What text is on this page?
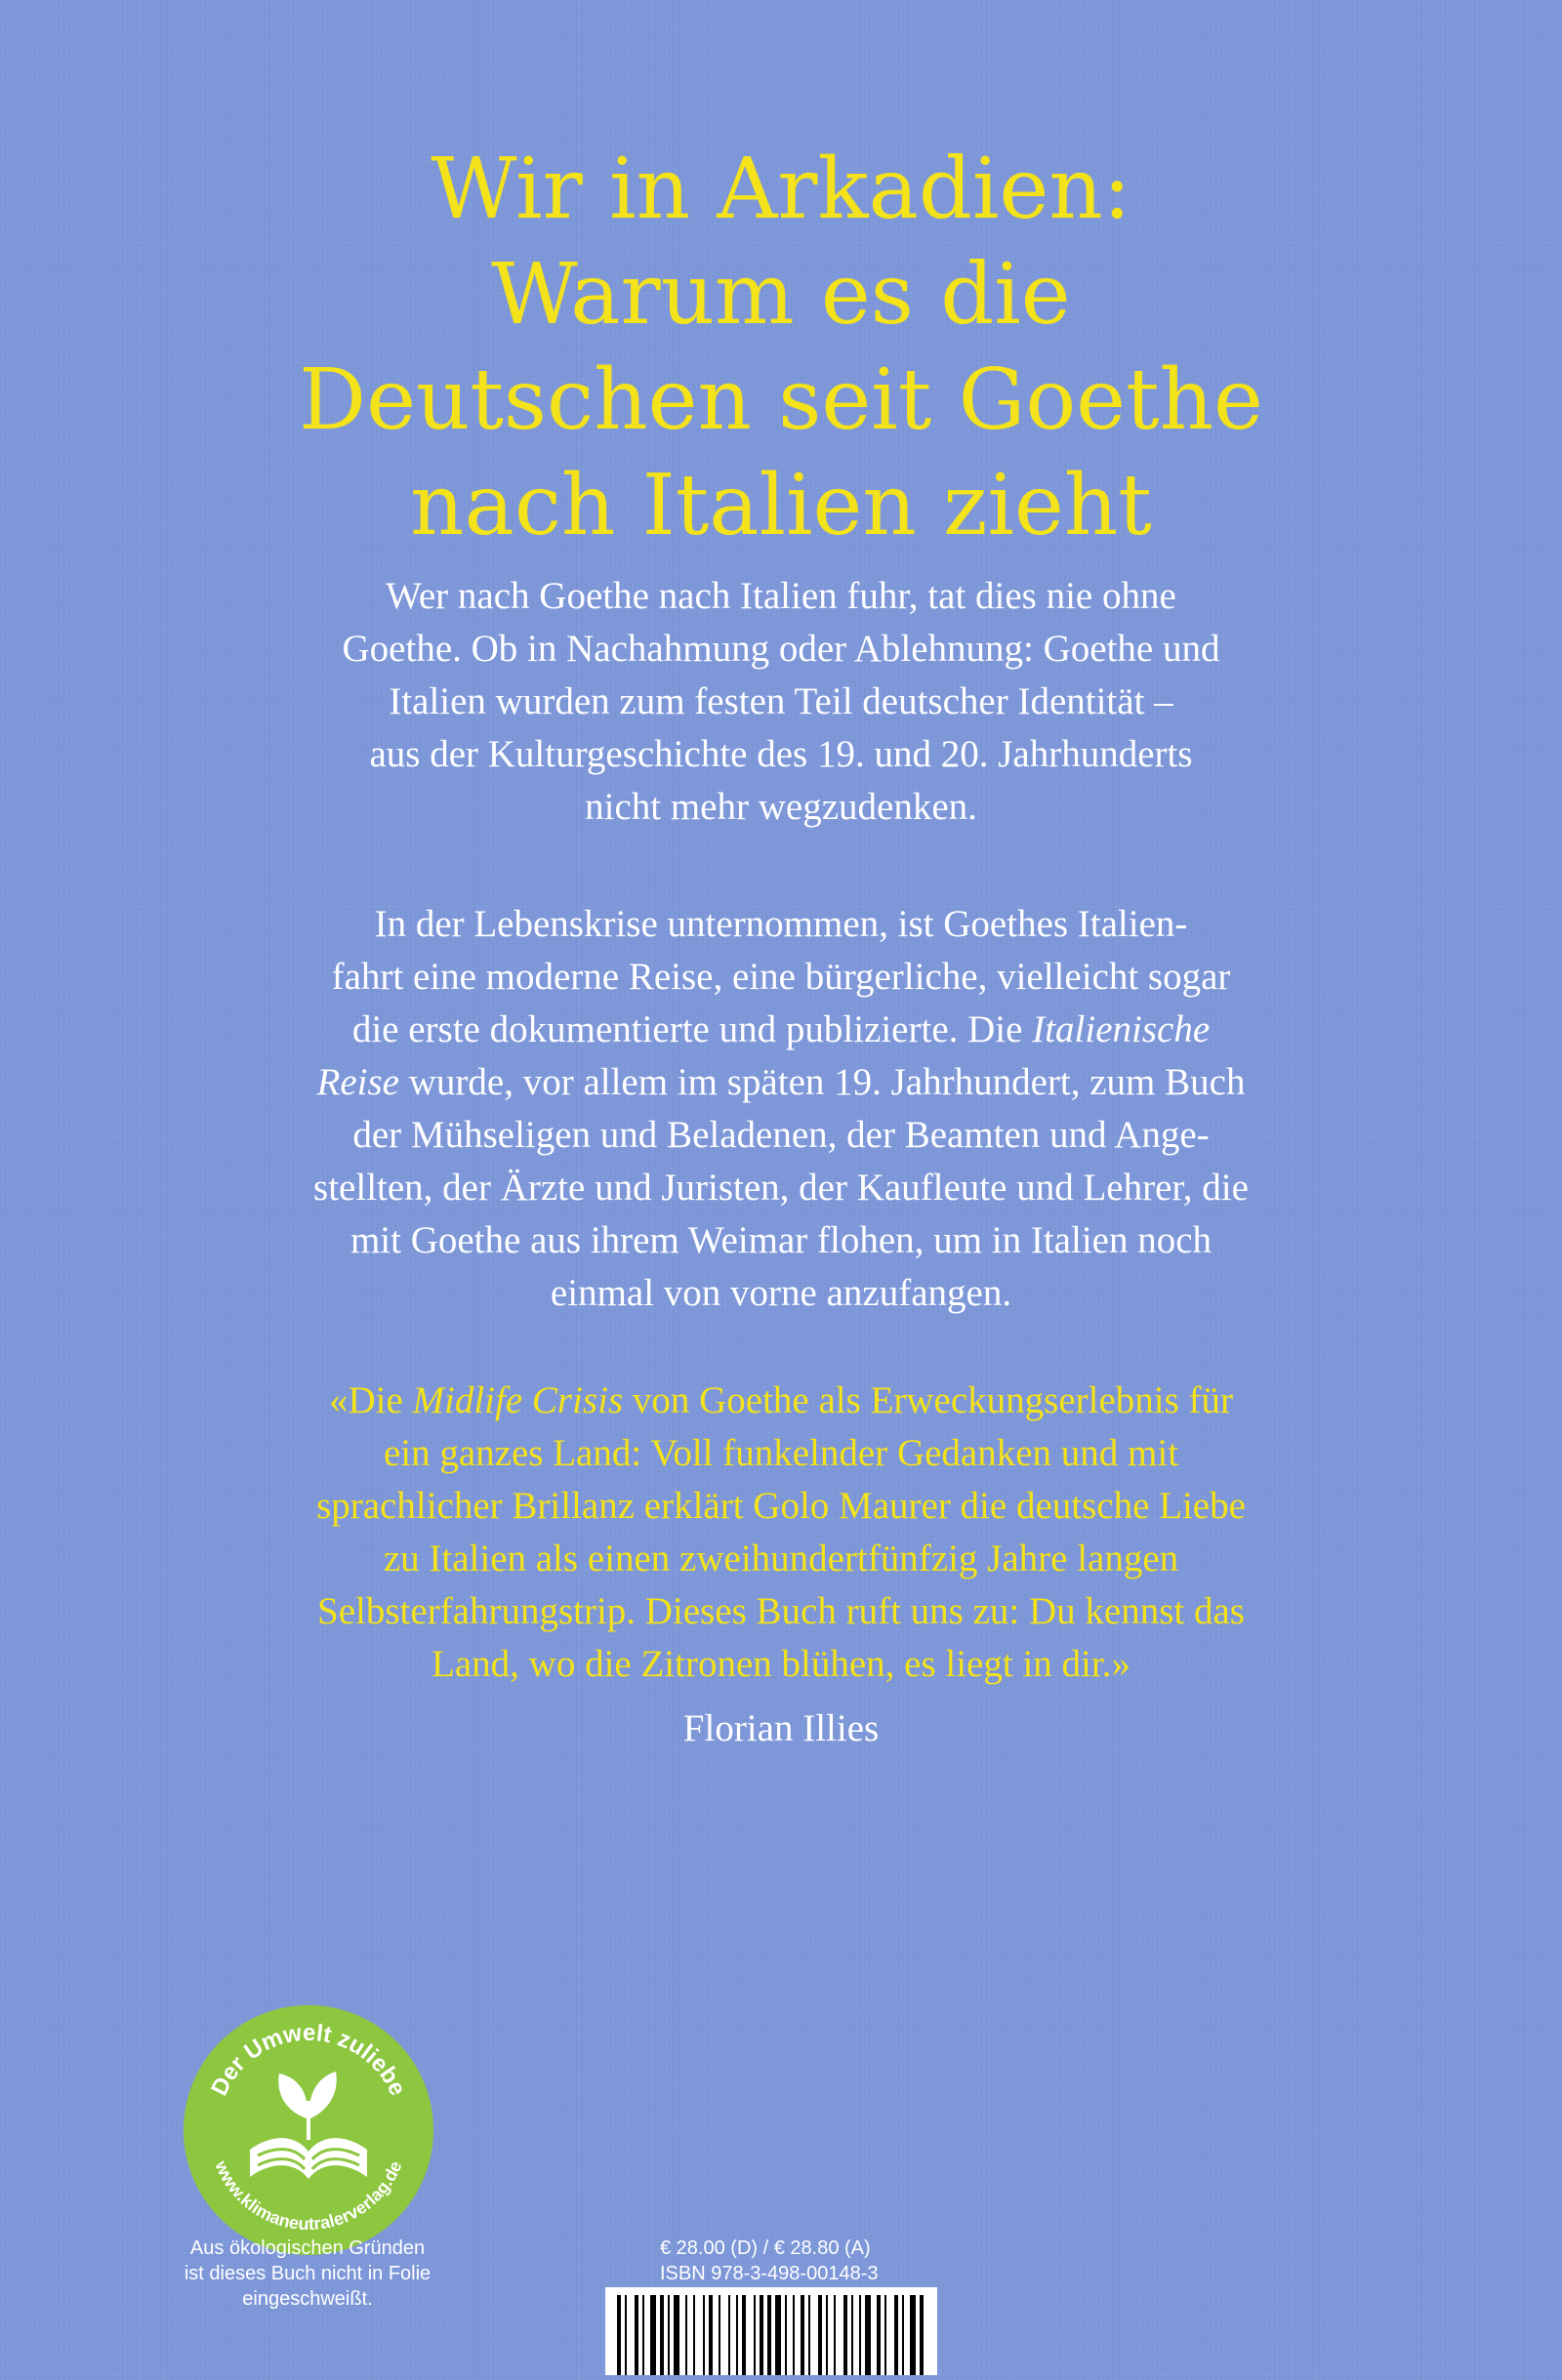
Wir in Arkadien:
Warum es die
Deutschen seit Goethe
nach Italien zieht
Wer nach Goethe nach Italien fuhr, tat dies nie ohne
Goethe. Ob in Nachahmung oder Ablehnung: Goethe und
Italien wurden zum festen Teil deutscher Identität –
aus der Kulturgeschichte des 19. und 20. Jahrhunderts
nicht mehr wegzudenken.
In der Lebenskrise unternommen, ist Goethes Italien-
fahrt eine moderne Reise, eine bürgerliche, vielleicht sogar
die erste dokumentierte und publizierte. Die Italienische
Reise wurde, vor allem im späten 19. Jahrhundert, zum Buch
der Mühseligen und Beladenen, der Beamten und Ange-
stellten, der Ärzte und Juristen, der Kaufleute und Lehrer, die
mit Goethe aus ihrem Weimar flohen, um in Italien noch
einmal von vorne anzufangen.
«Die Midlife Crisis von Goethe als Erweckungserlebnis für
ein ganzes Land: Voll funkelnder Gedanken und mit
sprachlicher Brillanz erklärt Golo Maurer die deutsche Liebe
zu Italien als einen zweihundertfünfzig Jahre langen
Selbsterfahrungstrip. Dieses Buch ruft uns zu: Du kennst das
Land, wo die Zitronen blühen, es liegt in dir.»
Florian Illies
Der Umwelt zuliebe
www.klimaneutralerverlag.de
Aus ökologischen Gründen
ist dieses Buch nicht in Folie
eingeschweißt.
€ 28.00 (D) / € 28.80 (A)
ISBN 978-3-498-00148-3
